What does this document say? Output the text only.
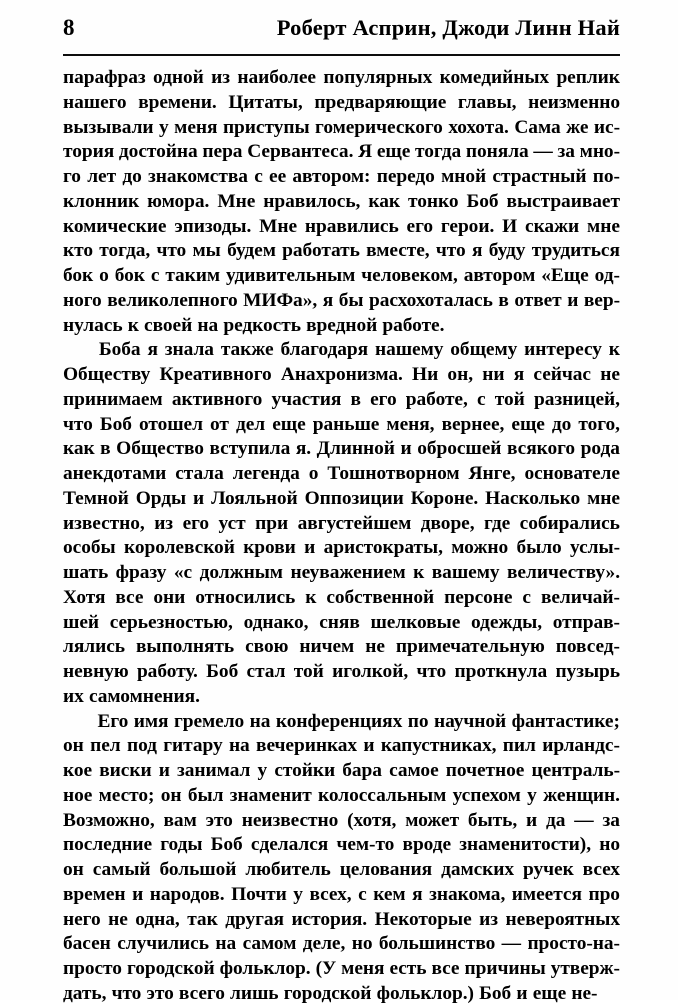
8	Роберт Асприн, Джоди Линн Най

парафраз одной из наиболее популярных комедийных реплик
нашего времени. Цитаты, предваряющие главы, неизменно
вызывали у меня приступы гомерического хохота. Сама же ис-
тория достойна пера Сервантеса. Я еще тогда поняла — за мно-
го лет до знакомства с ее автором: передо мной страстный по-
клонник юмора. Мне нравилось, как тонко Боб выстраивает
комические эпизоды. Мне нравились его герои. И скажи мне
кто тогда, что мы будем работать вместе, что я буду трудиться
бок о бок с таким удивительным человеком, автором «Еще од-
ного великолепного МИФа», я бы расхохоталась в ответ и вер-
нулась к своей на редкость вредной работе.

Боба я знала также благодаря нашему общему интересу к
Обществу Креативного Анахронизма. Ни он, ни я сейчас не
принимаем активного участия в его работе, с той разницей,
что Боб отошел от дел еще раньше меня, вернее, еще до того,
как в Общество вступила я. Длинной и обросшей всякого рода
анекдотами стала легенда о Тошнотворном Янге, основателе
Темной Орды и Лояльной Оппозиции Короне. Насколько мне
известно, из его уст при августейшем дворе, где собирались
особы королевской крови и аристократы, можно было услы-
шать фразу «с должным неуважением к вашему величеству».
Хотя все они относились к собственной персоне с величай-
шей серьезностью, однако, сняв шелковые одежды, отправ-
лялись выполнять свою ничем не примечательную повсед-
невную работу. Боб стал той иголкой, что проткнула пузырь
их самомнения.

Его имя гремело на конференциях по научной фантастике;
он пел под гитару на вечеринках и капустниках, пил ирландс-
кое виски и занимал у стойки бара самое почетное централь-
ное место; он был знаменит колоссальным успехом у женщин.
Возможно, вам это неизвестно (хотя, может быть, и да — за
последние годы Боб сделался чем-то вроде знаменитости), но
он самый большой любитель целования дамских ручек всех
времен и народов. Почти у всех, с кем я знакома, имеется про
него не одна, так другая история. Некоторые из невероятных
басен случились на самом деле, но большинство — просто-на-
просто городской фольклор. (У меня есть все причины утверж-
дать, что это всего лишь городской фольклор.) Боб и еще не-
